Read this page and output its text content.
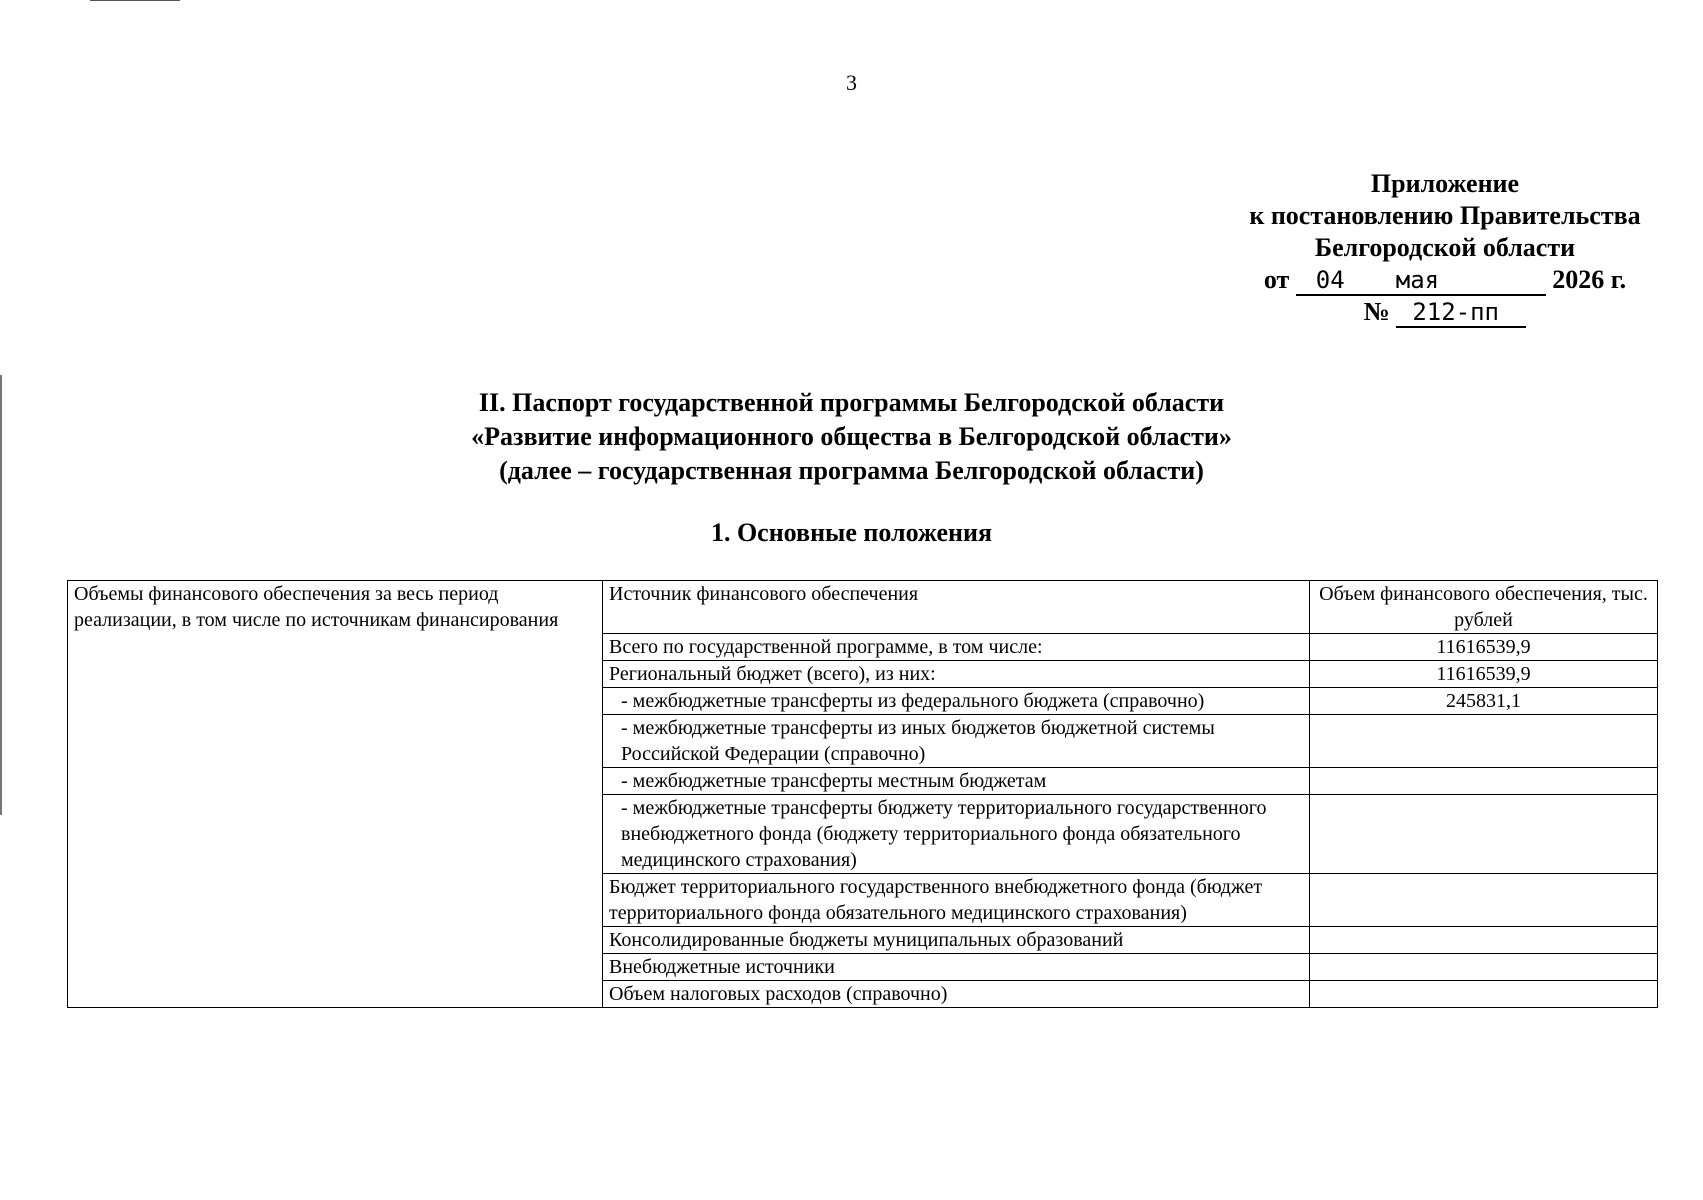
3
Приложение
к постановлению Правительства
Белгородской области
от 04 мая	2026 г.
№ 212-пп
II. Паспорт государственной программы Белгородской области
«Развитие информационного общества в Белгородской области»
(далее – государственная программа Белгородской области)
1. Основные положения
Объемы финансового обеспечения за весь период реализации, в том числе по источникам финансирования	Источник финансового обеспечения	Объем финансового обеспечения, тыс. рублей
	Всего по государственной программе, в том числе:	11616539,9
	Региональный бюджет (всего), из них:	11616539,9
	- межбюджетные трансферты из федерального бюджета (справочно)	245831,1
	- межбюджетные трансферты из иных бюджетов бюджетной системы Российской Федерации (справочно)	
	- межбюджетные трансферты местным бюджетам	
	- межбюджетные трансферты бюджету территориального государственного внебюджетного фонда (бюджету территориального фонда обязательного медицинского страхования)	
	Бюджет территориального государственного внебюджетного фонда (бюджет территориального фонда обязательного медицинского страхования)	
	Консолидированные бюджеты муниципальных образований	
	Внебюджетные источники	
	Объем налоговых расходов (справочно)	
